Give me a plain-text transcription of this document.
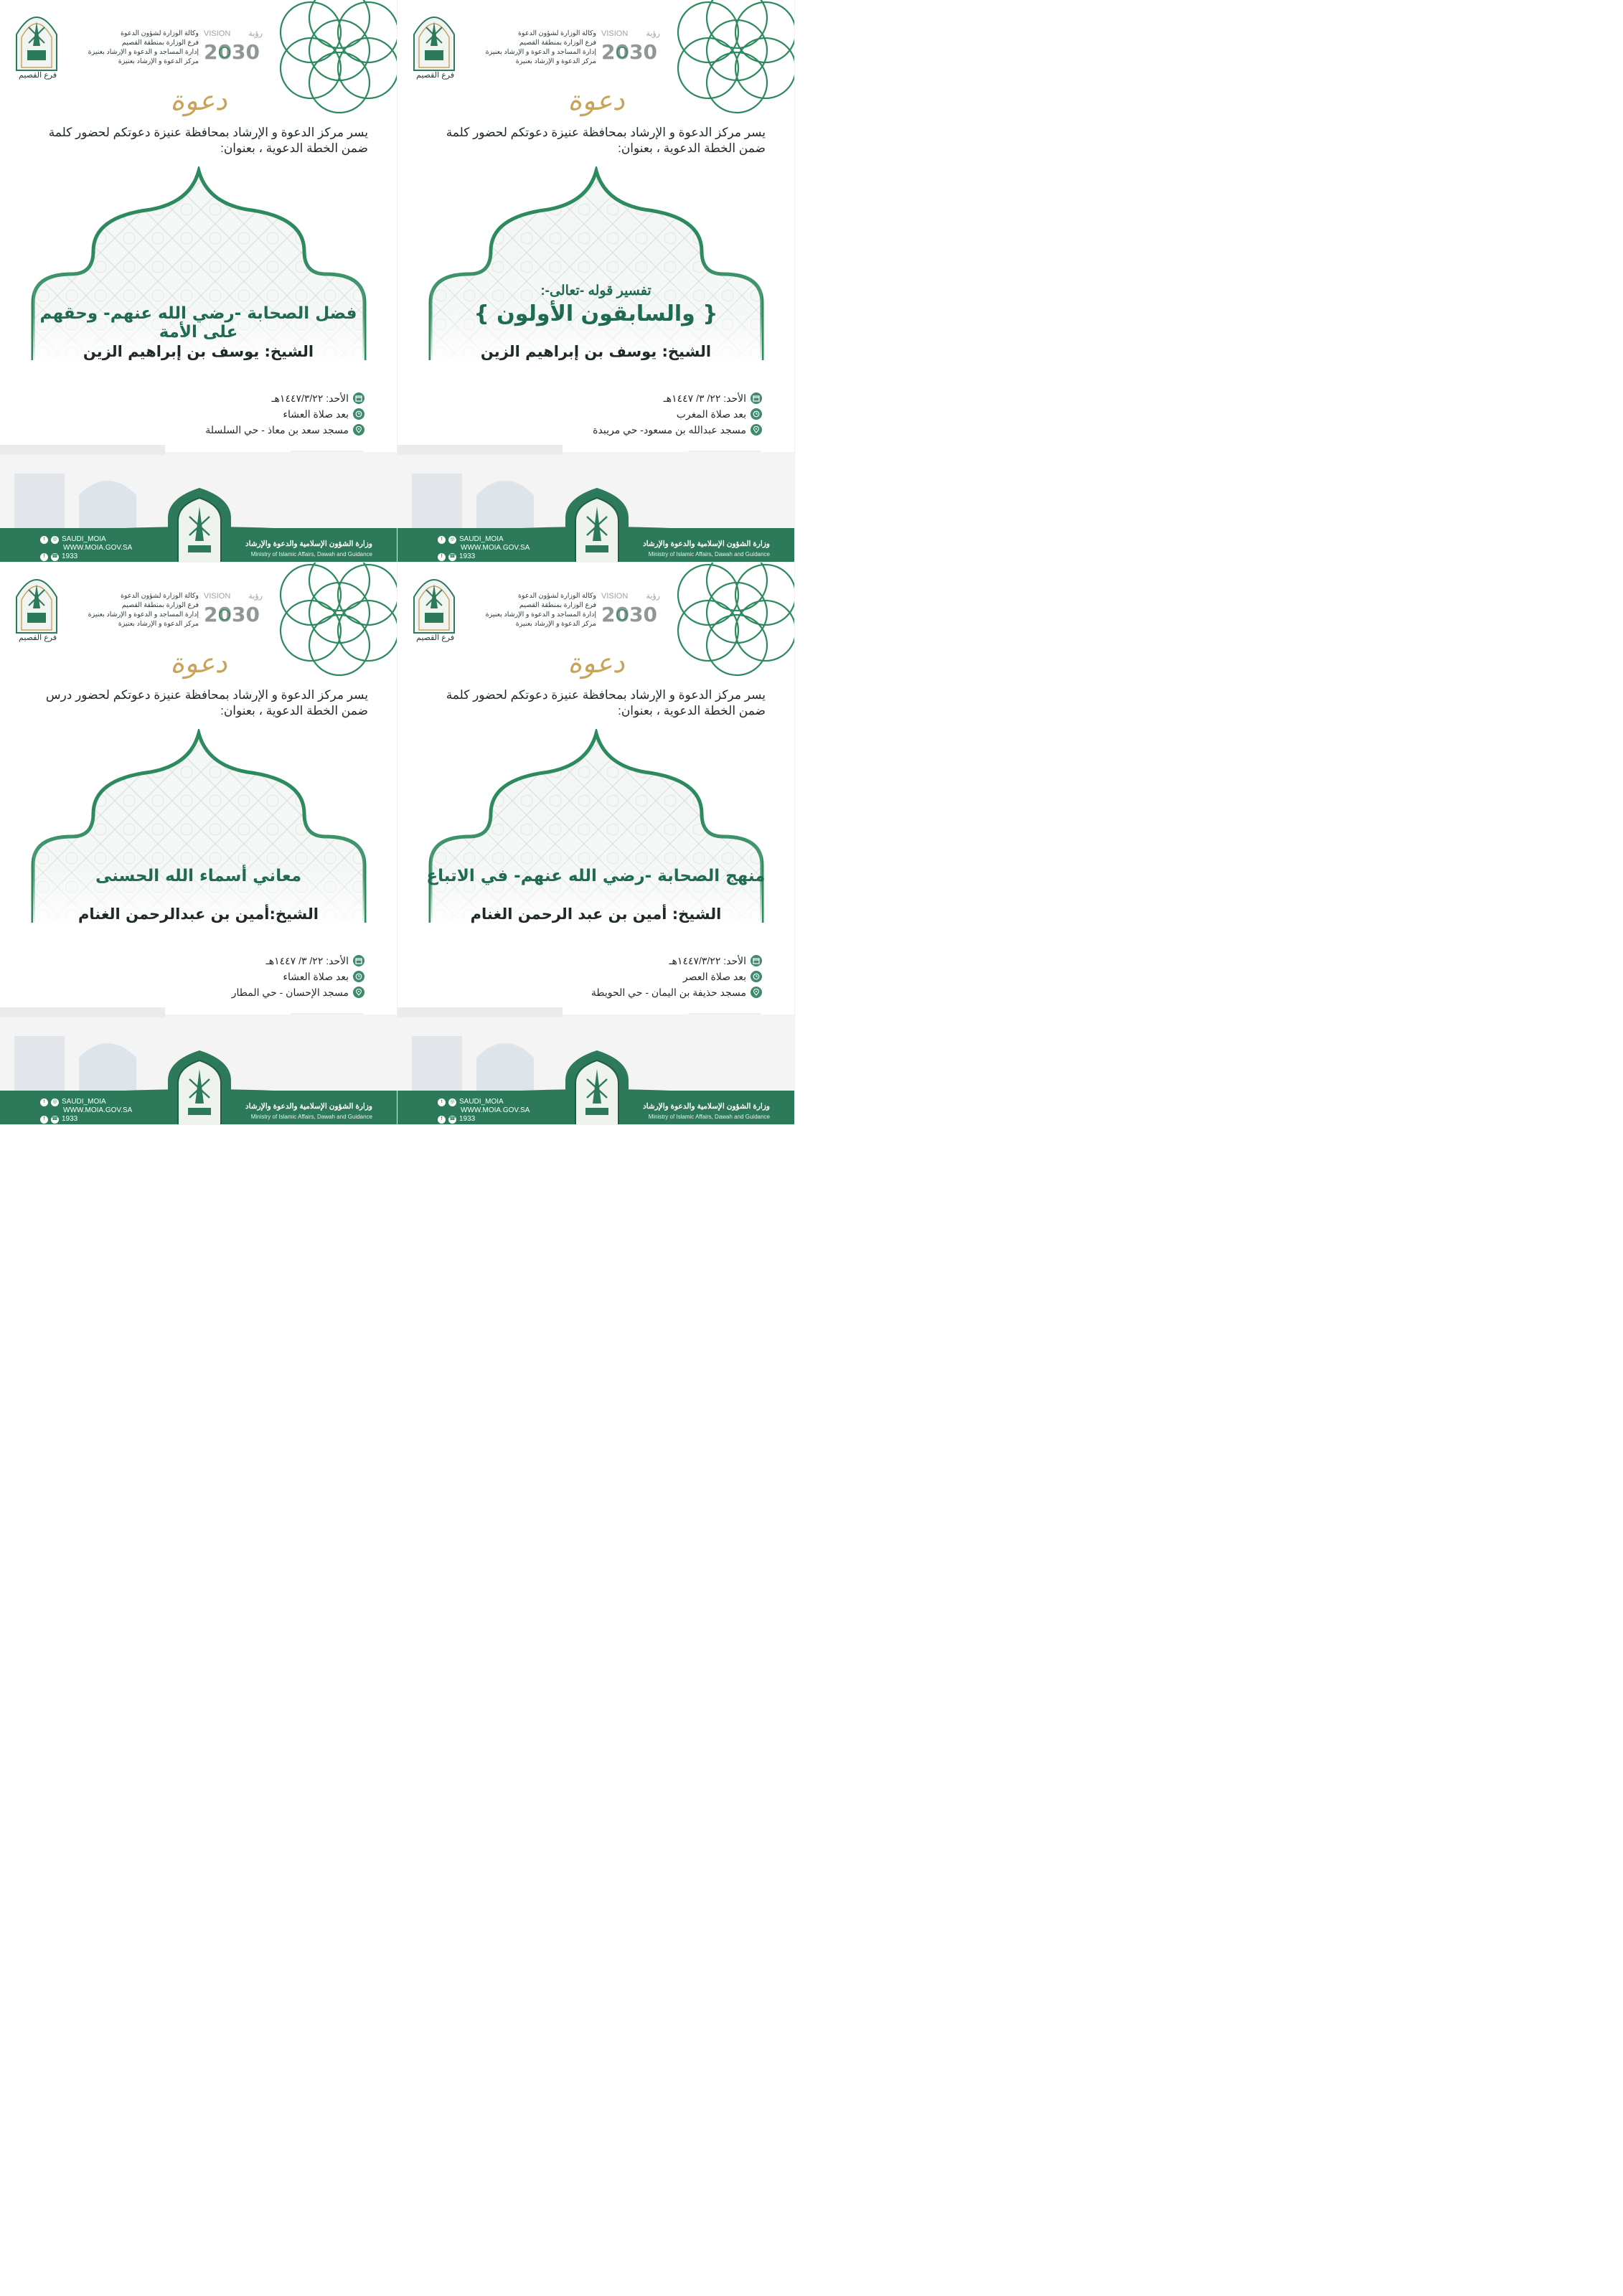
فرع القصيم
وكالة الوزارة لشؤون الدعوة
فرع الوزارة بمنطقة القصيم
إدارة المساجد و الدعوة و الإرشاد بعنيزة
مركز الدعوة و الإرشاد بعنيزة
VISION رؤية
2030
دعوة
يسر مركز الدعوة و الإرشاد بمحافظة عنيزة دعوتكم لحضور كلمة ضمن الخطة الدعوية ، بعنوان:
فضل الصحابة -رضي الله عنهم- وحقهم على الأمة
الشيخ: يوسف بن إبراهيم الزين
الأحد: ١٤٤٧/٣/٢٢هـ
بعد صلاة العشاء
مسجد سعد بن معاذ - حي السلسلة
وزارة الشؤون الإسلامية والدعوة والإرشاد
Ministry of Islamic Affairs, Dawah and Guidance
t	◎ SAUDI_MOIA
WWW.MOIA.GOV.SA
f	☎ 1933
فرع القصيم
وكالة الوزارة لشؤون الدعوة
فرع الوزارة بمنطقة القصيم
إدارة المساجد و الدعوة و الإرشاد بعنيزة
مركز الدعوة و الإرشاد بعنيزة
VISION رؤية
2030
دعوة
يسر مركز الدعوة و الإرشاد بمحافظة عنيزة دعوتكم لحضور كلمة ضمن الخطة الدعوية ، بعنوان:
تفسير قوله -تعالى-:
{ والسابقون الأولون }
الشيخ: يوسف بن إبراهيم الزين
الأحد: ٢٢/ ٣/ ١٤٤٧هـ
بعد صلاة المغرب
مسجد عبدالله بن مسعود- حي مريبدة
وزارة الشؤون الإسلامية والدعوة والإرشاد
Ministry of Islamic Affairs, Dawah and Guidance
t	◎ SAUDI_MOIA
WWW.MOIA.GOV.SA
f	☎ 1933
فرع القصيم
وكالة الوزارة لشؤون الدعوة
فرع الوزارة بمنطقة القصيم
إدارة المساجد و الدعوة و الإرشاد بعنيزة
مركز الدعوة و الإرشاد بعنيزة
VISION رؤية
2030
دعوة
يسر مركز الدعوة و الإرشاد بمحافظة عنيزة دعوتكم لحضور درس ضمن الخطة الدعوية ، بعنوان:
معاني أسماء الله الحسنى
الشيخ:أمين بن عبدالرحمن الغنام
الأحد: ٢٢/ ٣/ ١٤٤٧هـ
بعد صلاة العشاء
مسجد الإحسان - حي المطار
وزارة الشؤون الإسلامية والدعوة والإرشاد
Ministry of Islamic Affairs, Dawah and Guidance
t	◎ SAUDI_MOIA
WWW.MOIA.GOV.SA
f	☎ 1933
فرع القصيم
وكالة الوزارة لشؤون الدعوة
فرع الوزارة بمنطقة القصيم
إدارة المساجد و الدعوة و الإرشاد بعنيزة
مركز الدعوة و الإرشاد بعنيزة
VISION رؤية
2030
دعوة
يسر مركز الدعوة و الإرشاد بمحافظة عنيزة دعوتكم لحضور كلمة ضمن الخطة الدعوية ، بعنوان:
منهج الصحابة -رضي الله عنهم- في الاتباع
الشيخ: أمين بن عبد الرحمن الغنام
الأحد: ١٤٤٧/٣/٢٢هـ
بعد صلاة العصر
مسجد حذيفة بن اليمان - حي الحويطة
وزارة الشؤون الإسلامية والدعوة والإرشاد
Ministry of Islamic Affairs, Dawah and Guidance
t	◎ SAUDI_MOIA
WWW.MOIA.GOV.SA
f	☎ 1933
